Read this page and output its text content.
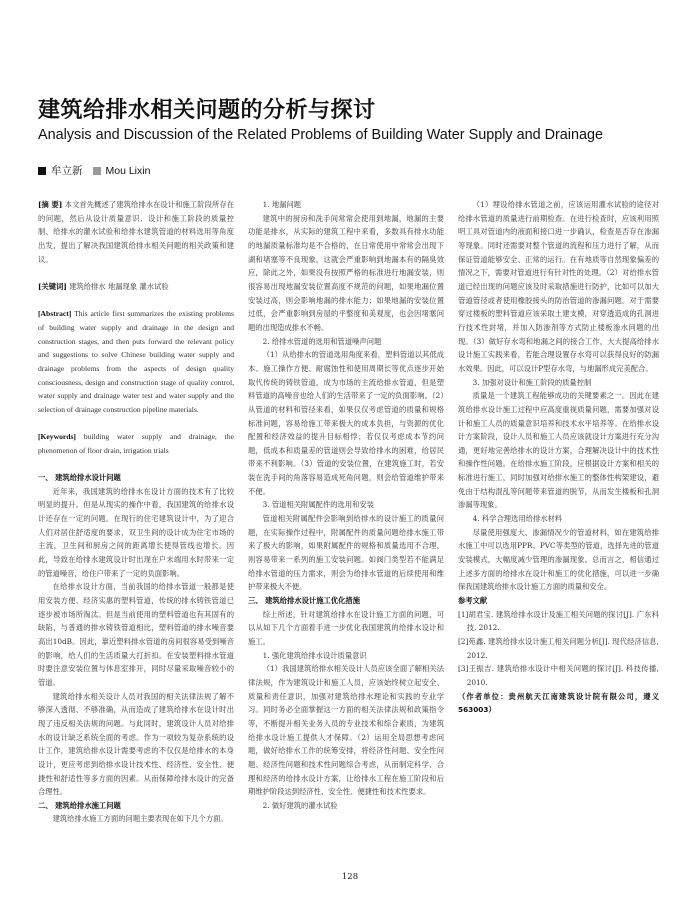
建筑给排水相关问题的分析与探讨
Analysis and Discussion of the Related Problems of Building Water Supply and Drainage
牟立新 Mou Lixin

[摘 要] 本文首先概述了建筑给排水在设计和施工阶段所存在的问题，然后从设计质量意识、设计和施工阶段的质量控制、给排水的灌水试验和给排水建筑管道的材料选用等角度出发，提出了解决我国建筑给排水相关问题的相关政策和建议。

[关键词] 建筑给排水 地漏现象 灌水试验

[Abstract] This article first summarizes the existing problems of building water supply and drainage in the design and construction stages, and then puts forward the relevant policy and suggestions to solve Chinese building water supply and drainage problems from the aspects of design quality consciousness, design and construction stage of quality control, water supply and drainage water test and water supply and the selection of drainage construction pipeline materials.

[Keywords] building water supply and drainage, the phenomenon of floor drain, irrigation trials

一、 建筑给排水设计问题

近年来，我国建筑的给排水在设计方面的技术有了比较明显的提升。但是从现实的操作中看，我国建筑的给排水设计还存在一定的问题。在现行的住宅建筑设计中，为了迎合人们对居住舒适度的要求，双卫生间的设计成为住宅市场的主流，卫生间和厨房之间的距离增长使得管线也增长。因此，导致在给排水建筑设计时出现在户末端用水时带来一定的管道噪音，给住户带来了一定的负面影响。

在给排水设计方面，当前我国的给排水管道一般都是使用安装方便、经济实惠的塑料管道，传统的排水铸铁管道已逐步被市场所淘汰。但是当前使用的塑料管道也有其固有的缺陷，与普通的排水铸铁管道相比，塑料管道的排水噪音要高出10dB。因此，靠近塑料排水管道的房间很容易受到噪音的影响，给人们的生活质量大打折扣。在安装塑料排水管道时要注意安装位置与休息室排开，同时尽量采取噪音较小的管道。

建筑给排水相关设计人员对我国的相关法律法规了解不够深入透彻、不够准确，从而造成了建筑给排水在设计时出现了违反相关法规的问题。与此同时，建筑设计人员对给排水的设计缺乏系统全面的考虑。作为一项较为复杂系统的设计工作，建筑给排水设计需要考虑的不仅仅是给排水的本身设计，更应考虑到给排水设计技术性、经济性、安全性、便捷性和舒适性等多方面的因素。从而保障给排水设计的完备合理性。

二、 建筑给排水施工问题

建筑给排水施工方面的问题主要表现在如下几个方面。

1. 地漏问题

建筑中的厨房和洗手间常常会使用到地漏，地漏的主要功能是排水，从实际的建筑工程中来看，多数具有排水功能的地漏质量标准均是不合格的，在日常使用中常常会出现下湖和堵塞等不良现象，这就会严重影响到地漏本有的隔臭效应，除此之外，如果没有按照严格的标准进行地漏安装，则很容易出现地漏安装位置高度不规范的问题，如果地漏位置安装过高，则会影响地漏的排水能力；如果地漏的安装位置过低，会严重影响到房屋的平整度和美观度，也会因堵塞问题的出现造成排水不畅。

2. 给排水管道的选用和管道噪声问题

（1）从给排水的管道选用角度来看，塑料管道以其低成本、施工操作方便、耐腐蚀性和使用周期长等优点逐步开始取代传统的铸铁管道，成为市场的主流给排水管道，但是塑料管道的高噪音也给人们的生活带来了一定的负面影响。（2）从管道的材料和管径来看，如果仅仅考虑管道的质量和规格标准问题，容易给施工带来极大的成本负担，与资源的优化配置和经济效益的提升目标相悖；若仅仅考虑成本节约问题，低成本和质量差的管道则会导致给排水的困难，给居民带来不利影响。（3）管道的安装位置，在建筑施工时，若安装在洗手间的角落容易造成死角问题，则会给管道维护带来不便。

3. 管道相关附属配件的选用和安装

管道相关附属配件会影响到给排水的设计施工的质量问题，在实际操作过程中，附属配件的质量问题给排水施工带来了极大的影响，如果附属配件的规格和质量选用不合理，则容易带来一系列的施工安装问题。如阀门类型若不能满足给排水管道的压力需求，则会为给排水管道的后续使用和维护带来极大不便。

三、 建筑给排水设计施工优化措施

综上所述，针对建筑给排水在设计施工方面的问题，可以从如下几个方面着手进一步优化我国建筑的给排水设计和施工。

1. 强化建筑给排水设计质量意识

（1）我国建筑给排水相关设计人员应该全面了解相关法律法规，作为建筑设计和施工人员，应该始终树立起安全、质量和责任意识，加强对建筑给排水理论和实践的专业学习。同时务必全面掌握这一方面的相关法律法规和政策指令等，不断提升相关业务人员的专业技术和综合素质，为建筑给排水设计施工提供人才保障。（2）运用全局思想考虑问题，做好给排水工作的统筹安排，将经济性问题、安全性问题、经济性问题和技术性问题综合考虑，从而制定科学、合理和经济的给排水设计方案，让给排水工程在施工阶段和后期维护阶段达到经济性、安全性、便捷性和技术性要求。

2. 做好建筑的灌水试验

（1）埋设给排水管道之前，应该运用灌水试验的途径对给排水管道的质量进行前期检查。在进行检查时，应该利用照明工具对管道内的液面和接口进一步确认，检查是否存在渗漏等现象。同时还需要对整个管道的流程和压力进行了解，从而保证管道能够安全、正常的运行。在有地质等自然现象偏差的情况之下，需要对管道进行有针对性的处理。（2）对给排水管道已经出现的问题应该及时采取措施进行防护，比如可以加大管道管径或者使用橡胶接头的防治管道的渗漏问题。对于需要穿过楼板的塑料管道应该采取土建支模，对穿透造成的孔洞进行技术性封堵，并加入防渗剂等方式防止楼板渗水问题的出现。（3）做好存水弯和地漏之间的接合工作，大大提高给排水设计施工实践来看，若能合理设置存水弯可以获得良好的防漏水效果。因此，可以设计P型存水弯，与地漏形成完美配合。

3. 加强对设计和施工阶段的质量控制

质量是一个建筑工程能够成功的关键要素之一。因此在建筑给排水设计施工过程中应高度重视质量问题，需要加强对设计和施工人员的质量意识培养和技术水平培养等。在给排水设计方案阶段，设计人员和施工人员应该就设计方案进行充分沟通，更好地完善给排水的设计方案，合理解决设计中的技术性和操作性问题。在给排水施工阶段，应根据设计方案和相关的标准进行施工，同时加强对给排水施工的整体性构架建设，避免由于结构混乱等问题带来管道的脱节，从而发生楼板和孔洞渗漏等现象。

4. 科学合理选用给排水材料

尽量使用强度大、渗漏情况少的管道材料，如在建筑给排水施工中可以选用PPR、PVC等类型的管道，选择先进的管道安装模式，大幅度减少管理的渗漏现象。总而言之，相信通过上述多方面的给排水在设计和施工的优化措施，可以进一步确保我国建筑给排水设计施工方面的质量和安全。

参考文献

[1]胡君宝. 建筑给排水设计及施工相关问题的探讨[J]. 广东科技, 2012.

[2]苑鑫. 建筑给排水设计施工相关问题分析[J]. 现代经济信息, 2012.

[3]王振吉. 建筑给排水设计中相关问题的探讨[J]. 科技传播, 2010.

（作者单位：贵州航天江南建筑设计院有限公司，遵义 563003）

128
